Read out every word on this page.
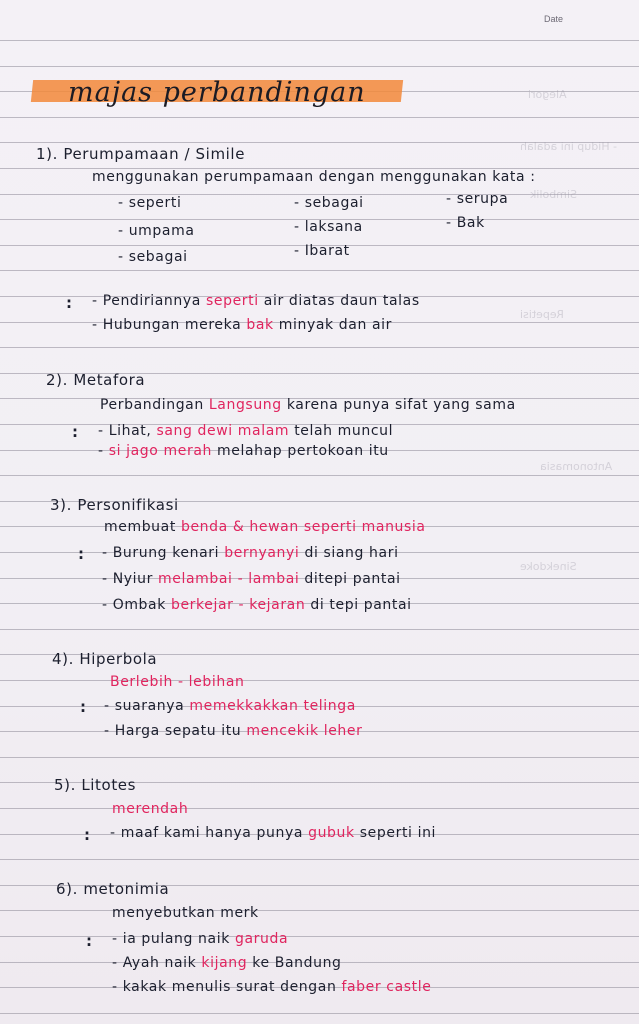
Date
Alegori
- Hidup ini adalah
Simbolik
Repetisi
Antonomasia
Sinekdoke
majas perbandingan
1). Perumpamaan / Simile
menggunakan perumpamaan dengan menggunakan kata :
- seperti
- umpama
- sebagai
- sebagai
- laksana
- Ibarat
- serupa
- Bak
: - Pendiriannya seperti air diatas daun talas
- Hubungan mereka bak minyak dan air
2). Metafora
Perbandingan Langsung karena punya sifat yang sama
: - Lihat, sang dewi malam telah muncul
- si jago merah melahap pertokoan itu
3). Personifikasi
membuat benda & hewan seperti manusia
: - Burung kenari bernyanyi di siang hari
- Nyiur melambai - lambai ditepi pantai
- Ombak berkejar - kejaran di tepi pantai
4). Hiperbola
Berlebih - lebihan
: - suaranya memekkakkan telinga
- Harga sepatu itu mencekik leher
5). Litotes
merendah
: - maaf kami hanya punya gubuk seperti ini
6). metonimia
menyebutkan merk
: - ia pulang naik garuda
- Ayah naik kijang ke Bandung
- kakak menulis surat dengan faber castle
